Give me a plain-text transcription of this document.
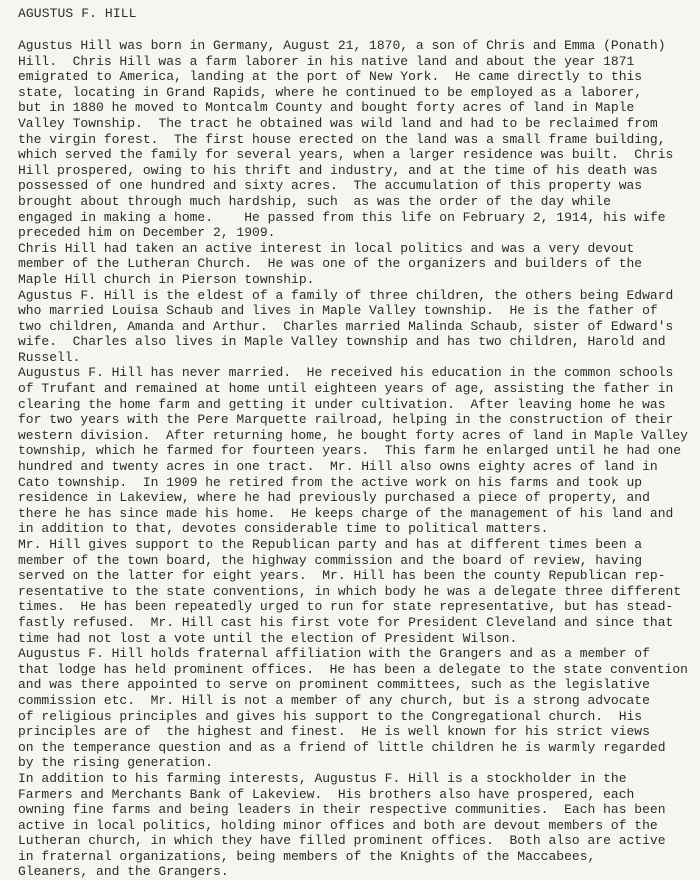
AGUSTUS F. HILL
Agustus Hill was born in Germany, August 21, 1870, a son of Chris and Emma (Ponath)
Hill.  Chris Hill was a farm laborer in his native land and about the year 1871
emigrated to America, landing at the port of New York.  He came directly to this
state, locating in Grand Rapids, where he continued to be employed as a laborer,
but in 1880 he moved to Montcalm County and bought forty acres of land in Maple
Valley Township.  The tract he obtained was wild land and had to be reclaimed from
the virgin forest.  The first house erected on the land was a small frame building,
which served the family for several years, when a larger residence was built.  Chris
Hill prospered, owing to his thrift and industry, and at the time of his death was
possessed of one hundred and sixty acres.  The accumulation of this property was
brought about through much hardship, such  as was the order of the day while
engaged in making a home.    He passed from this life on February 2, 1914, his wife
preceded him on December 2, 1909.
Chris Hill had taken an active interest in local politics and was a very devout
member of the Lutheran Church.  He was one of the organizers and builders of the
Maple Hill church in Pierson township.
Agustus F. Hill is the eldest of a family of three children, the others being Edward
who married Louisa Schaub and lives in Maple Valley township.  He is the father of
two children, Amanda and Arthur.  Charles married Malinda Schaub, sister of Edward's
wife.  Charles also lives in Maple Valley township and has two children, Harold and
Russell.
Augustus F. Hill has never married.  He received his education in the common schools
of Trufant and remained at home until eighteen years of age, assisting the father in
clearing the home farm and getting it under cultivation.  After leaving home he was
for two years with the Pere Marquette railroad, helping in the construction of their
western division.  After returning home, he bought forty acres of land in Maple Valley
township, which he farmed for fourteen years.  This farm he enlarged until he had one
hundred and twenty acres in one tract.  Mr. Hill also owns eighty acres of land in
Cato township.  In 1909 he retired from the active work on his farms and took up
residence in Lakeview, where he had previously purchased a piece of property, and
there he has since made his home.  He keeps charge of the management of his land and
in addition to that, devotes considerable time to political matters.
Mr. Hill gives support to the Republican party and has at different times been a
member of the town board, the highway commission and the board of review, having
served on the latter for eight years.  Mr. Hill has been the county Republican rep-
resentative to the state conventions, in which body he was a delegate three different
times.  He has been repeatedly urged to run for state representative, but has stead-
fastly refused.  Mr. Hill cast his first vote for President Cleveland and since that
time had not lost a vote until the election of President Wilson.
Augustus F. Hill holds fraternal affiliation with the Grangers and as a member of
that lodge has held prominent offices.  He has been a delegate to the state convention
and was there appointed to serve on prominent committees, such as the legislative
commission etc.  Mr. Hill is not a member of any church, but is a strong advocate
of religious principles and gives his support to the Congregational church.  His
principles are of  the highest and finest.  He is well known for his strict views
on the temperance question and as a friend of little children he is warmly regarded
by the rising generation.
In addition to his farming interests, Augustus F. Hill is a stockholder in the
Farmers and Merchants Bank of Lakeview.  His brothers also have prospered, each
owning fine farms and being leaders in their respective communities.  Each has been
active in local politics, holding minor offices and both are devout members of the
Lutheran church, in which they have filled prominent offices.  Both also are active
in fraternal organizations, being members of the Knights of the Maccabees,
Gleaners, and the Grangers.
